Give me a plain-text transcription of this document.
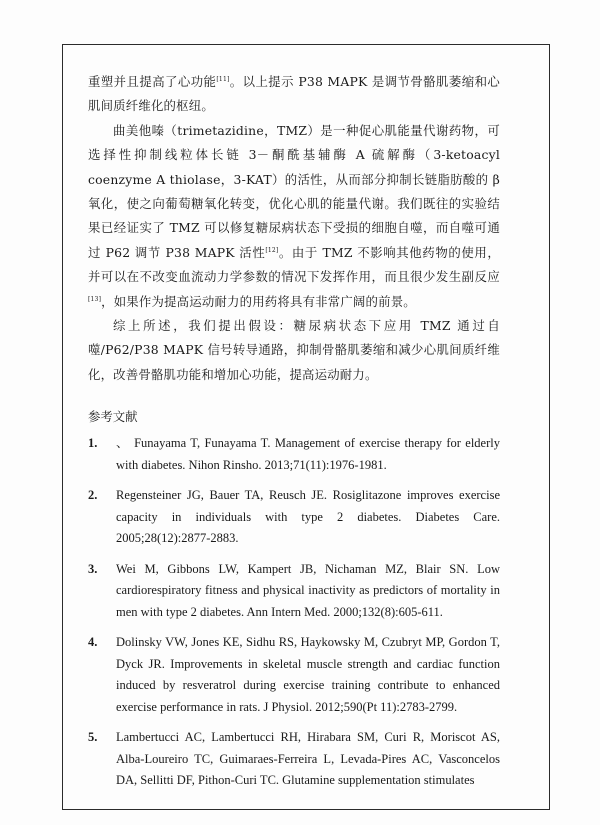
重塑并且提高了心功能[11]。以上提示 P38 MAPK 是调节骨骼肌萎缩和心肌间质纤维化的枢纽。

曲美他嗪（trimetazidine，TMZ）是一种促心肌能量代谢药物，可选择性抑制线粒体长链 3－酮酰基辅酶 A 硫解酶（3-ketoacyl coenzyme A thiolase，3-KAT）的活性，从而部分抑制长链脂肪酸的 β 氧化，使之向葡萄糖氧化转变，优化心肌的能量代谢。我们既往的实验结果已经证实了 TMZ 可以修复糖尿病状态下受损的细胞自噬，而自噬可通过 P62 调节 P38 MAPK 活性[12]。由于 TMZ 不影响其他药物的使用，并可以在不改变血流动力学参数的情况下发挥作用，而且很少发生副反应[13]，如果作为提高运动耐力的用药将具有非常广阔的前景。

综上所述，我们提出假设：糖尿病状态下应用 TMZ 通过自噬/P62/P38 MAPK 信号转导通路，抑制骨骼肌萎缩和减少心肌间质纤维化，改善骨骼肌功能和增加心功能，提高运动耐力。

参考文献
1.	、 Funayama T, Funayama T. Management of exercise therapy for elderly with diabetes. Nihon Rinsho. 2013;71(11):1976-1981.
2.	Regensteiner JG, Bauer TA, Reusch JE. Rosiglitazone improves exercise capacity in individuals with type 2 diabetes. Diabetes Care. 2005;28(12):2877-2883.
3.	Wei M, Gibbons LW, Kampert JB, Nichaman MZ, Blair SN. Low cardiorespiratory fitness and physical inactivity as predictors of mortality in men with type 2 diabetes. Ann Intern Med. 2000;132(8):605-611.
4.	Dolinsky VW, Jones KE, Sidhu RS, Haykowsky M, Czubryt MP, Gordon T, Dyck JR. Improvements in skeletal muscle strength and cardiac function induced by resveratrol during exercise training contribute to enhanced exercise performance in rats. J Physiol. 2012;590(Pt 11):2783-2799.
5.	Lambertucci AC, Lambertucci RH, Hirabara SM, Curi R, Moriscot AS, Alba-Loureiro TC, Guimaraes-Ferreira L, Levada-Pires AC, Vasconcelos DA, Sellitti DF, Pithon-Curi TC. Glutamine supplementation stimulates
